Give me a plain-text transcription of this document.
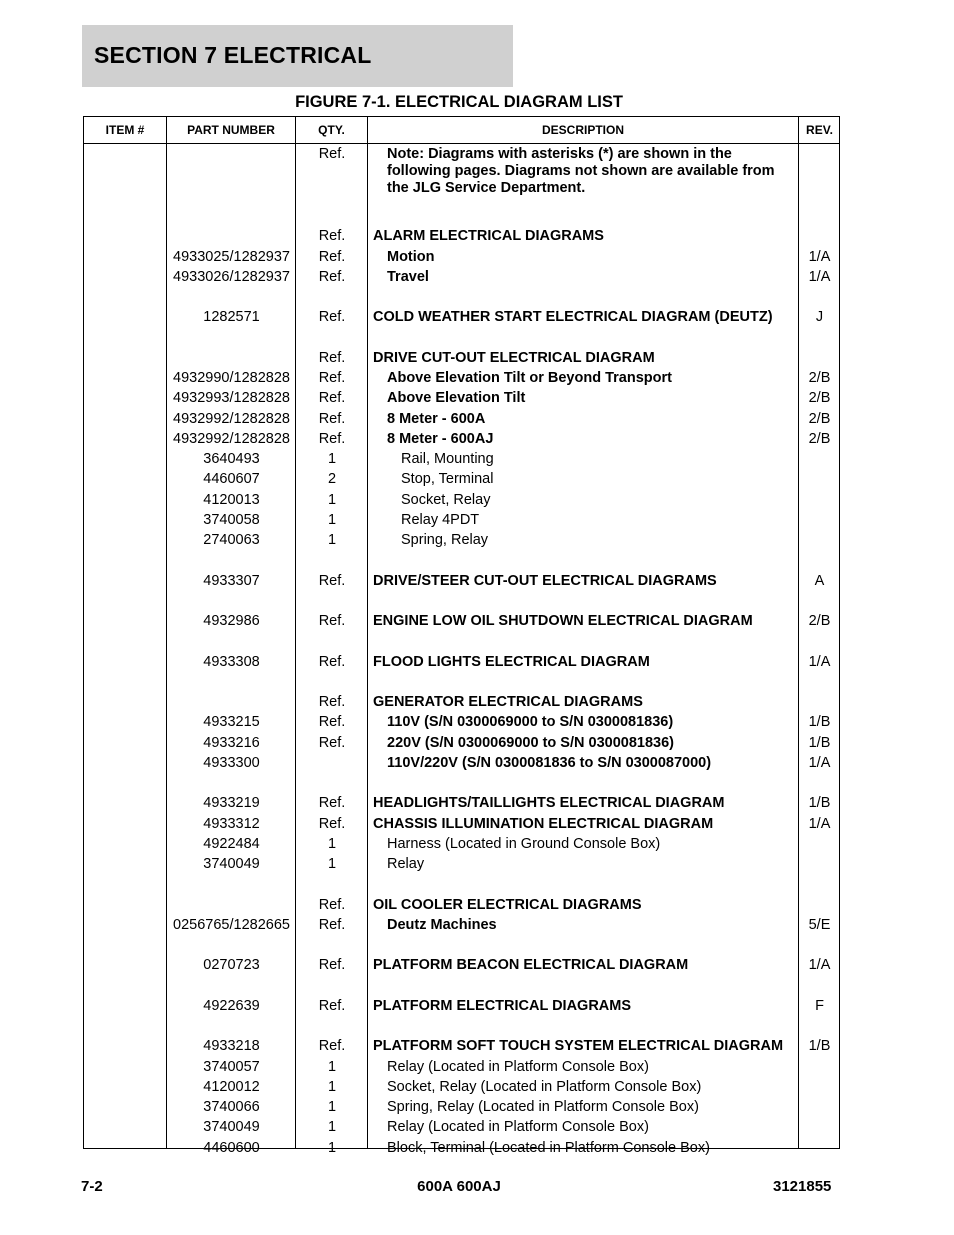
SECTION 7 ELECTRICAL
FIGURE 7-1. ELECTRICAL DIAGRAM LIST
ITEM #	PART NUMBER	QTY.	DESCRIPTION	REV.
Ref.	Note: Diagrams with asterisks (*) are shown in the following pages. Diagrams not shown are available from the JLG Service Department.
Ref.	ALARM ELECTRICAL DIAGRAMS
4933025/1282937	Ref.	Motion	1/A
4933026/1282937	Ref.	Travel	1/A
1282571	Ref.	COLD WEATHER START ELECTRICAL DIAGRAM (DEUTZ)	J
Ref.	DRIVE CUT-OUT ELECTRICAL DIAGRAM
4932990/1282828	Ref.	Above Elevation Tilt or Beyond Transport	2/B
4932993/1282828	Ref.	Above Elevation Tilt	2/B
4932992/1282828	Ref.	8 Meter - 600A	2/B
4932992/1282828	Ref.	8 Meter - 600AJ	2/B
3640493	1	Rail, Mounting
4460607	2	Stop, Terminal
4120013	1	Socket, Relay
3740058	1	Relay 4PDT
2740063	1	Spring, Relay
4933307	Ref.	DRIVE/STEER CUT-OUT ELECTRICAL DIAGRAMS	A
4932986	Ref.	ENGINE LOW OIL SHUTDOWN ELECTRICAL DIAGRAM	2/B
4933308	Ref.	FLOOD LIGHTS ELECTRICAL DIAGRAM	1/A
Ref.	GENERATOR ELECTRICAL DIAGRAMS
4933215	Ref.	110V (S/N 0300069000 to S/N 0300081836)	1/B
4933216	Ref.	220V (S/N 0300069000 to S/N 0300081836)	1/B
4933300	110V/220V (S/N 0300081836 to S/N 0300087000)	1/A
4933219	Ref.	HEADLIGHTS/TAILLIGHTS ELECTRICAL DIAGRAM	1/B
4933312	Ref.	CHASSIS ILLUMINATION ELECTRICAL DIAGRAM	1/A
4922484	1	Harness (Located in Ground Console Box)
3740049	1	Relay
Ref.	OIL COOLER ELECTRICAL DIAGRAMS
0256765/1282665	Ref.	Deutz Machines	5/E
0270723	Ref.	PLATFORM BEACON ELECTRICAL DIAGRAM	1/A
4922639	Ref.	PLATFORM ELECTRICAL DIAGRAMS	F
4933218	Ref.	PLATFORM SOFT TOUCH SYSTEM ELECTRICAL DIAGRAM	1/B
3740057	1	Relay (Located in Platform Console Box)
4120012	1	Socket, Relay (Located in Platform Console Box)
3740066	1	Spring, Relay (Located in Platform Console Box)
3740049	1	Relay (Located in Platform Console Box)
4460600	1	Block, Terminal (Located in Platform Console Box)
7-2	600A 600AJ	3121855
